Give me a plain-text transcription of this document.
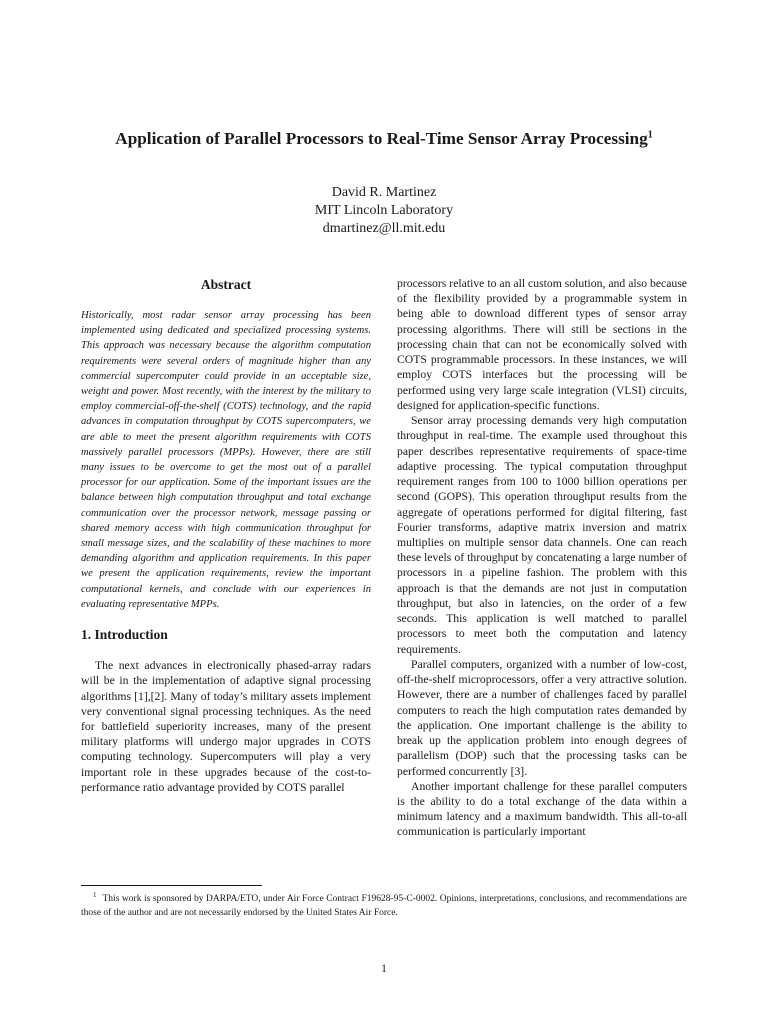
Application of Parallel Processors to Real-Time Sensor Array Processing$^1$
David R. Martinez
MIT Lincoln Laboratory
dmartinez@ll.mit.edu
Abstract

Historically, most radar sensor array processing has been implemented using dedicated and specialized processing systems. This approach was necessary because the algorithm computation requirements were several orders of magnitude higher than any commercial supercomputer could provide in an acceptable size, weight and power. Most recently, with the interest by the military to employ commercial-off-the-shelf (COTS) technology, and the rapid advances in computation throughput by COTS supercomputers, we are able to meet the present algorithm requirements with COTS massively parallel processors (MPPs). However, there are still many issues to be overcome to get the most out of a parallel processor for our application. Some of the important issues are the balance between high computation throughput and total exchange communication over the processor network, message passing or shared memory access with high communication throughput for small message sizes, and the scalability of these machines to more demanding algorithm and application requirements. In this paper we present the application requirements, review the important computational kernels, and conclude with our experiences in evaluating representative MPPs.

1. Introduction

The next advances in electronically phased-array radars will be in the implementation of adaptive signal processing algorithms [1],[2]. Many of today’s military assets implement very conventional signal processing techniques. As the need for battlefield superiority increases, many of the present military platforms will undergo major upgrades in COTS computing technology. Supercomputers will play a very important role in these upgrades because of the cost-to-performance ratio advantage provided by COTS parallel

processors relative to an all custom solution, and also because of the flexibility provided by a programmable system in being able to download different types of sensor array processing algorithms. There will still be sections in the processing chain that can not be economically solved with COTS programmable processors. In these instances, we will employ COTS interfaces but the processing will be performed using very large scale integration (VLSI) circuits, designed for application-specific functions.

Sensor array processing demands very high computation throughput in real-time. The example used throughout this paper describes representative requirements of space-time adaptive processing. The typical computation throughput requirement ranges from 100 to 1000 billion operations per second (GOPS). This operation throughput results from the aggregate of operations performed for digital filtering, fast Fourier transforms, adaptive matrix inversion and matrix multiplies on multiple sensor data channels. One can reach these levels of throughput by concatenating a large number of processors in a pipeline fashion. The problem with this approach is that the demands are not just in computation throughput, but also in latencies, on the order of a few seconds. This application is well matched to parallel processors to meet both the computation and latency requirements.

Parallel computers, organized with a number of low-cost, off-the-shelf microprocessors, offer a very attractive solution. However, there are a number of challenges faced by parallel computers to reach the high computation rates demanded by the application. One important challenge is the ability to break up the application problem into enough degrees of parallelism (DOP) such that the processing tasks can be performed concurrently [3].

Another important challenge for these parallel computers is the ability to do a total exchange of the data within a minimum latency and a maximum bandwidth. This all-to-all communication is particularly important

$^1$ This work is sponsored by DARPA/ETO, under Air Force Contract F19628-95-C-0002. Opinions, interpretations, conclusions, and recommendations are those of the author and are not necessarily endorsed by the United States Air Force.
1
